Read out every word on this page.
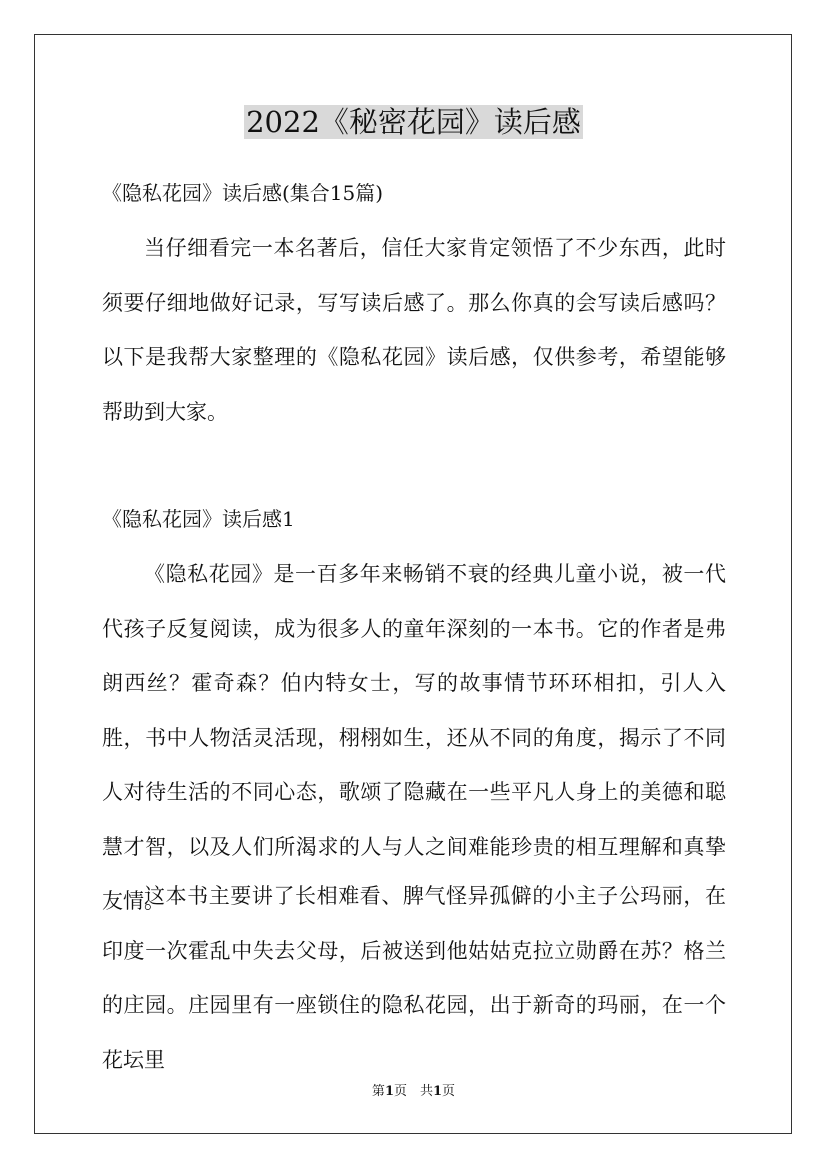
2022《秘密花园》读后感

《隐私花园》读后感(集合15篇)

当仔细看完一本名著后，信任大家肯定领悟了不少东西，此时须要仔细地做好记录，写写读后感了。那么你真的会写读后感吗？以下是我帮大家整理的《隐私花园》读后感，仅供参考，希望能够帮助到大家。

《隐私花园》读后感1

《隐私花园》是一百多年来畅销不衰的经典儿童小说，被一代代孩子反复阅读，成为很多人的童年深刻的一本书。它的作者是弗朗西丝？霍奇森？伯内特女士，写的故事情节环环相扣，引人入胜，书中人物活灵活现，栩栩如生，还从不同的角度，揭示了不同人对待生活的不同心态，歌颂了隐藏在一些平凡人身上的美德和聪慧才智，以及人们所渴求的人与人之间难能珍贵的相互理解和真挚友情。

这本书主要讲了长相难看、脾气怪异孤僻的小主子公玛丽，在印度一次霍乱中失去父母，后被送到他姑姑克拉立勋爵在苏？格兰的庄园。庄园里有一座锁住的隐私花园，出于新奇的玛丽，在一个花坛里

第1页　共1页
